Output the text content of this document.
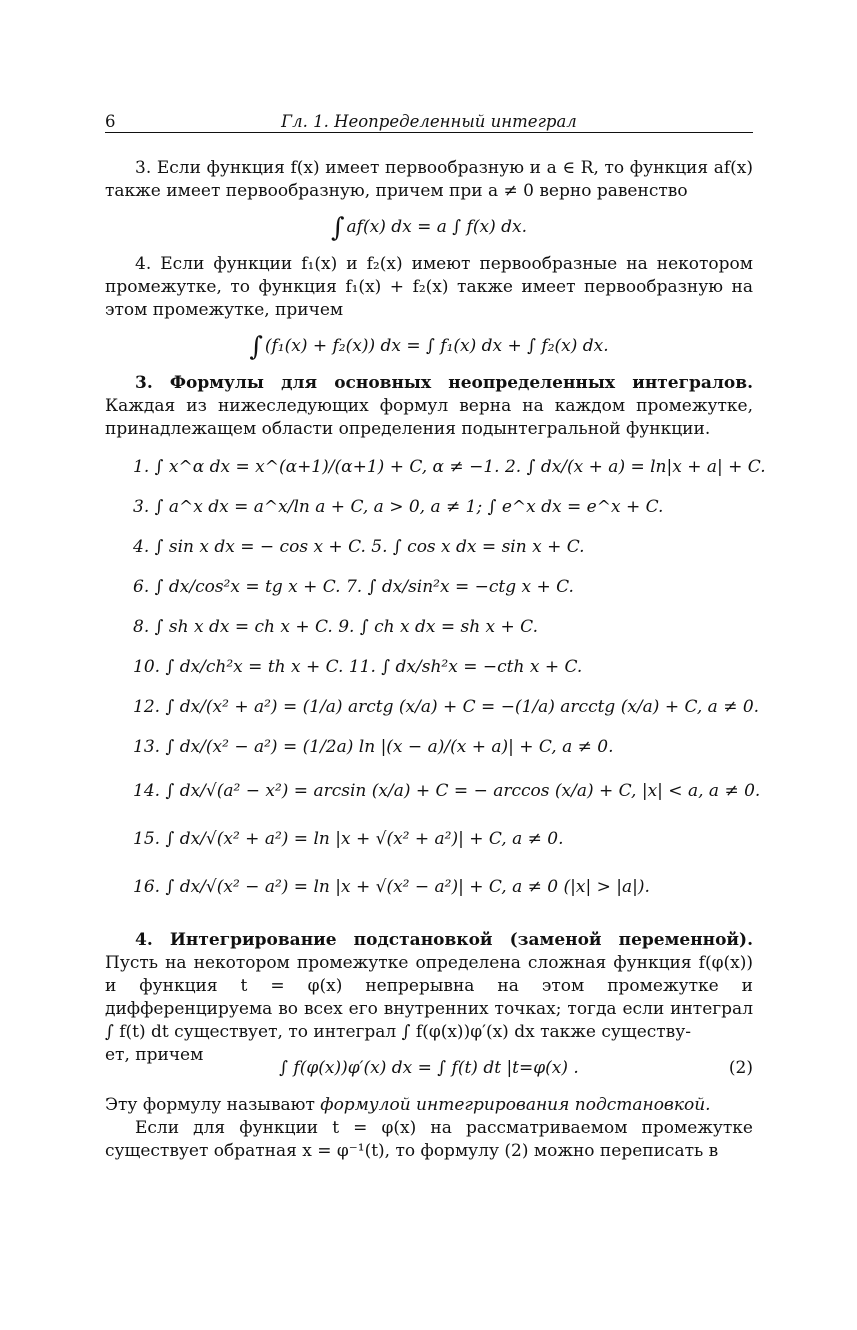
6	Гл. 1. Неопределенный интеграл

3. Если функция f(x) имеет первообразную и a ∈ R, то функция af(x) также имеет первообразную, причем при a ≠ 0 верно равенство

∫ af(x) dx = a ∫ f(x) dx.

4. Если функции f₁(x) и f₂(x) имеют первообразные на некотором промежутке, то функция f₁(x) + f₂(x) также имеет первообразную на этом промежутке, причем

∫ (f₁(x) + f₂(x)) dx = ∫ f₁(x) dx + ∫ f₂(x) dx.

3. Формулы для основных неопределенных интегралов. Каждая из нижеследующих формул верна на каждом промежутке, принадлежащем области определения подынтегральной функции.

1. ∫ x^α dx = x^(α+1)/(α+1) + C, α ≠ −1. 2. ∫ dx/(x + a) = ln|x + a| + C.
3. ∫ a^x dx = a^x/ln a + C, a > 0, a ≠ 1; ∫ e^x dx = e^x + C.
4. ∫ sin x dx = − cos x + C. 5. ∫ cos x dx = sin x + C.
6. ∫ dx/cos²x = tg x + C. 7. ∫ dx/sin²x = −ctg x + C.
8. ∫ sh x dx = ch x + C. 9. ∫ ch x dx = sh x + C.
10. ∫ dx/ch²x = th x + C. 11. ∫ dx/sh²x = −cth x + C.
12. ∫ dx/(x² + a²) = (1/a) arctg (x/a) + C = −(1/a) arcctg (x/a) + C, a ≠ 0.
13. ∫ dx/(x² − a²) = (1/2a) ln |(x − a)/(x + a)| + C, a ≠ 0.
14. ∫ dx/√(a² − x²) = arcsin (x/a) + C = − arccos (x/a) + C, |x| < a, a ≠ 0.
15. ∫ dx/√(x² + a²) = ln |x + √(x² + a²)| + C, a ≠ 0.
16. ∫ dx/√(x² − a²) = ln |x + √(x² − a²)| + C, a ≠ 0 (|x| > |a|).

4. Интегрирование подстановкой (заменой переменной). Пусть на некотором промежутке определена сложная функция f(φ(x)) и функция t = φ(x) непрерывна на этом промежутке и дифференцируема во всех его внутренних точках; тогда если интеграл ∫ f(t) dt существует, то интеграл ∫ f(φ(x))φ′(x) dx также существу-

ет, причем
∫ f(φ(x))φ′(x) dx = ∫ f(t) dt |t=φ(x) .	(2)

Эту формулу называют формулой интегрирования подстановкой.

Если для функции t = φ(x) на рассматриваемом промежутке существует обратная x = φ⁻¹(t), то формулу (2) можно переписать в
